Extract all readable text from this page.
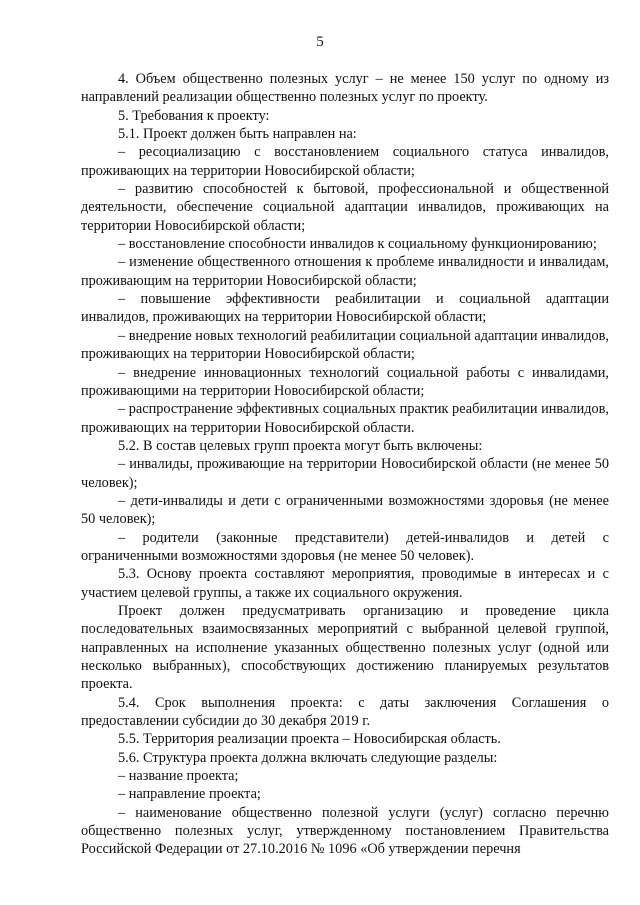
5

4. Объем общественно полезных услуг – не менее 150 услуг по одному из направлений реализации общественно полезных услуг по проекту.

5. Требования к проекту:

5.1. Проект должен быть направлен на:

– ресоциализацию с восстановлением социального статуса инвалидов, проживающих на территории Новосибирской области;

– развитию способностей к бытовой, профессиональной и общественной деятельности, обеспечение социальной адаптации инвалидов, проживающих на территории Новосибирской области;

– восстановление способности инвалидов к социальному функционированию;

– изменение общественного отношения к проблеме инвалидности и инвалидам, проживающим на территории Новосибирской области;

– повышение эффективности реабилитации и социальной адаптации инвалидов, проживающих на территории Новосибирской области;

– внедрение новых технологий реабилитации социальной адаптации инвалидов, проживающих на территории Новосибирской области;

– внедрение инновационных технологий социальной работы с инвалидами, проживающими на территории Новосибирской области;

– распространение эффективных социальных практик реабилитации инвалидов, проживающих на территории Новосибирской области.

5.2. В состав целевых групп проекта могут быть включены:

– инвалиды, проживающие на территории Новосибирской области (не менее 50 человек);

– дети-инвалиды и дети с ограниченными возможностями здоровья (не менее 50 человек);

– родители (законные представители) детей-инвалидов и детей с ограниченными возможностями здоровья (не менее 50 человек).

5.3. Основу проекта составляют мероприятия, проводимые в интересах и с участием целевой группы, а также их социального окружения.

Проект должен предусматривать организацию и проведение цикла последовательных взаимосвязанных мероприятий с выбранной целевой группой, направленных на исполнение указанных общественно полезных услуг (одной или несколько выбранных), способствующих достижению планируемых результатов проекта.

5.4. Срок выполнения проекта: с даты заключения Соглашения о предоставлении субсидии до 30 декабря 2019 г.

5.5. Территория реализации проекта – Новосибирская область.

5.6. Структура проекта должна включать следующие разделы:

– название проекта;

– направление проекта;

– наименование общественно полезной услуги (услуг) согласно перечню общественно полезных услуг, утвержденному постановлением Правительства Российской Федерации от 27.10.2016 № 1096 «Об утверждении перечня
